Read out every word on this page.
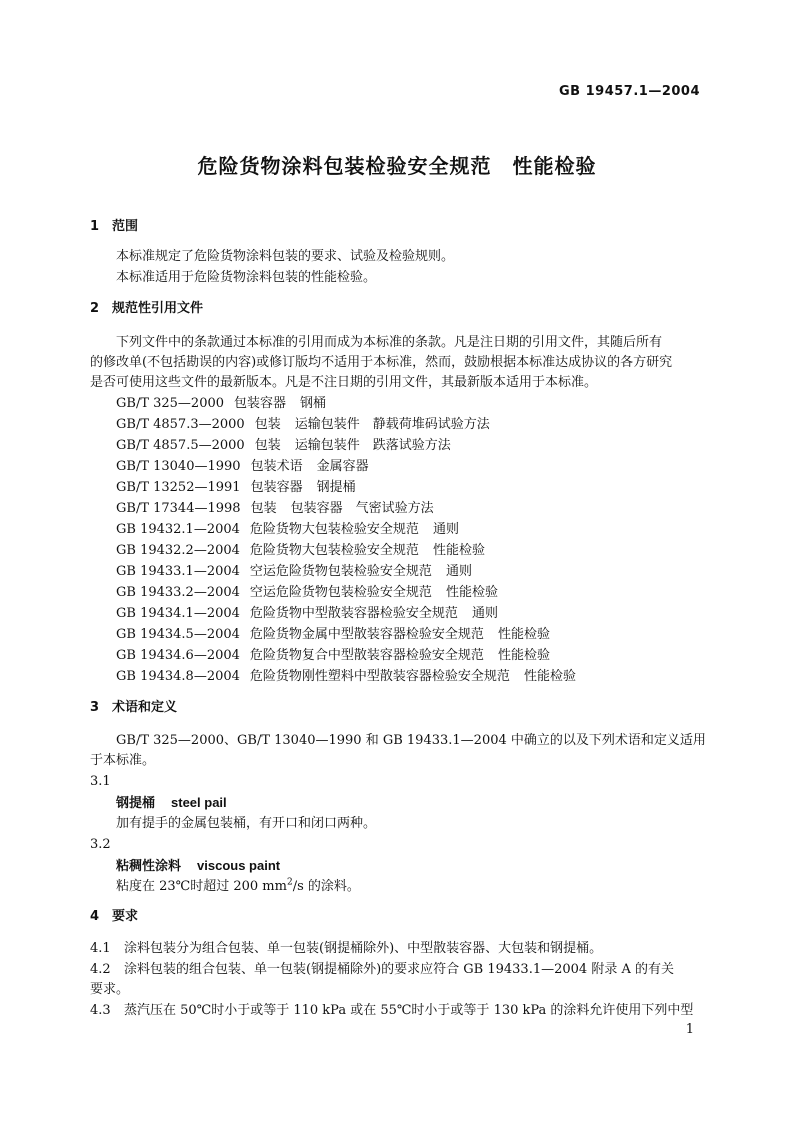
GB 19457.1—2004
危险货物涂料包装检验安全规范　性能检验
1 范围
本标准规定了危险货物涂料包装的要求、试验及检验规则。
本标准适用于危险货物涂料包装的性能检验。
2 规范性引用文件
下列文件中的条款通过本标准的引用而成为本标准的条款。凡是注日期的引用文件，其随后所有
的修改单(不包括勘误的内容)或修订版均不适用于本标准，然而，鼓励根据本标准达成协议的各方研究
是否可使用这些文件的最新版本。凡是不注日期的引用文件，其最新版本适用于本标准。
GB/T 325—2000 包装容器 钢桶
GB/T 4857.3—2000 包装 运输包装件　静载荷堆码试验方法
GB/T 4857.5—2000 包装 运输包装件　跌落试验方法
GB/T 13040—1990 包装术语 金属容器
GB/T 13252—1991 包装容器 钢提桶
GB/T 17344—1998 包装 包装容器　气密试验方法
GB 19432.1—2004 危险货物大包装检验安全规范 通则
GB 19432.2—2004 危险货物大包装检验安全规范 性能检验
GB 19433.1—2004 空运危险货物包装检验安全规范 通则
GB 19433.2—2004 空运危险货物包装检验安全规范 性能检验
GB 19434.1—2004 危险货物中型散装容器检验安全规范 通则
GB 19434.5—2004 危险货物金属中型散装容器检验安全规范 性能检验
GB 19434.6—2004 危险货物复合中型散装容器检验安全规范 性能检验
GB 19434.8—2004 危险货物刚性塑料中型散装容器检验安全规范 性能检验
3 术语和定义
GB/T 325—2000、GB/T 13040—1990 和 GB 19433.1—2004 中确立的以及下列术语和定义适用
于本标准。
3.1
钢提桶 steel pail
加有提手的金属包装桶，有开口和闭口两种。
3.2
粘稠性涂料 viscous paint
粘度在 23℃时超过 200 $mm^2/s$ 的涂料。
4 要求
4.1 涂料包装分为组合包装、单一包装(钢提桶除外)、中型散装容器、大包装和钢提桶。
4.2 涂料包装的组合包装、单一包装(钢提桶除外)的要求应符合 GB 19433.1—2004 附录 A 的有关
要求。
4.3 蒸汽压在 50℃时小于或等于 110 kPa 或在 55℃时小于或等于 130 kPa 的涂料允许使用下列中型
1
